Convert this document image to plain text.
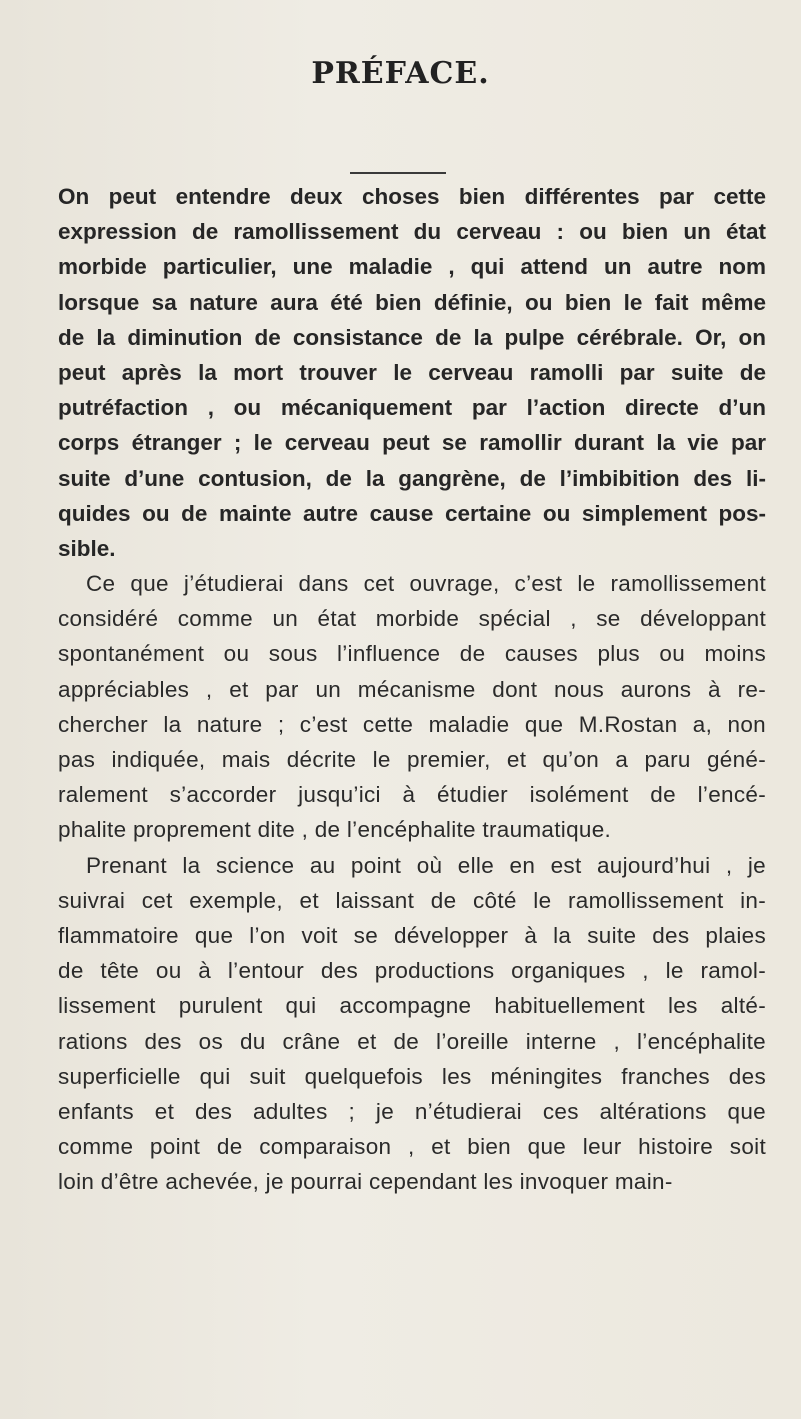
PRÉFACE.
On peut entendre deux choses bien différentes par cette
expression de ramollissement du cerveau : ou bien un état
morbide particulier, une maladie , qui attend un autre nom
lorsque sa nature aura été bien définie, ou bien le fait même
de la diminution de consistance de la pulpe cérébrale. Or, on
peut après la mort trouver le cerveau ramolli par suite de
putréfaction , ou mécaniquement par l’action directe d’un
corps étranger ; le cerveau peut se ramollir durant la vie par
suite d’une contusion, de la gangrène, de l’imbibition des li-
quides ou de mainte autre cause certaine ou simplement pos-
sible.
Ce que j’étudierai dans cet ouvrage, c’est le ramollissement
considéré comme un état morbide spécial , se développant
spontanément ou sous l’influence de causes plus ou moins
appréciables , et par un mécanisme dont nous aurons à re-
chercher la nature ; c’est cette maladie que M.Rostan a, non
pas indiquée, mais décrite le premier, et qu’on a paru géné-
ralement s’accorder jusqu’ici à étudier isolément de l’encé-
phalite proprement dite , de l’encéphalite traumatique.
Prenant la science au point où elle en est aujourd’hui , je
suivrai cet exemple, et laissant de côté le ramollissement in-
flammatoire que l’on voit se développer à la suite des plaies
de tête ou à l’entour des productions organiques , le ramol-
lissement purulent qui accompagne habituellement les alté-
rations des os du crâne et de l’oreille interne , l’encéphalite
superficielle qui suit quelquefois les méningites franches des
enfants et des adultes ; je n’étudierai ces altérations que
comme point de comparaison , et bien que leur histoire soit
loin d’être achevée, je pourrai cependant les invoquer main-
